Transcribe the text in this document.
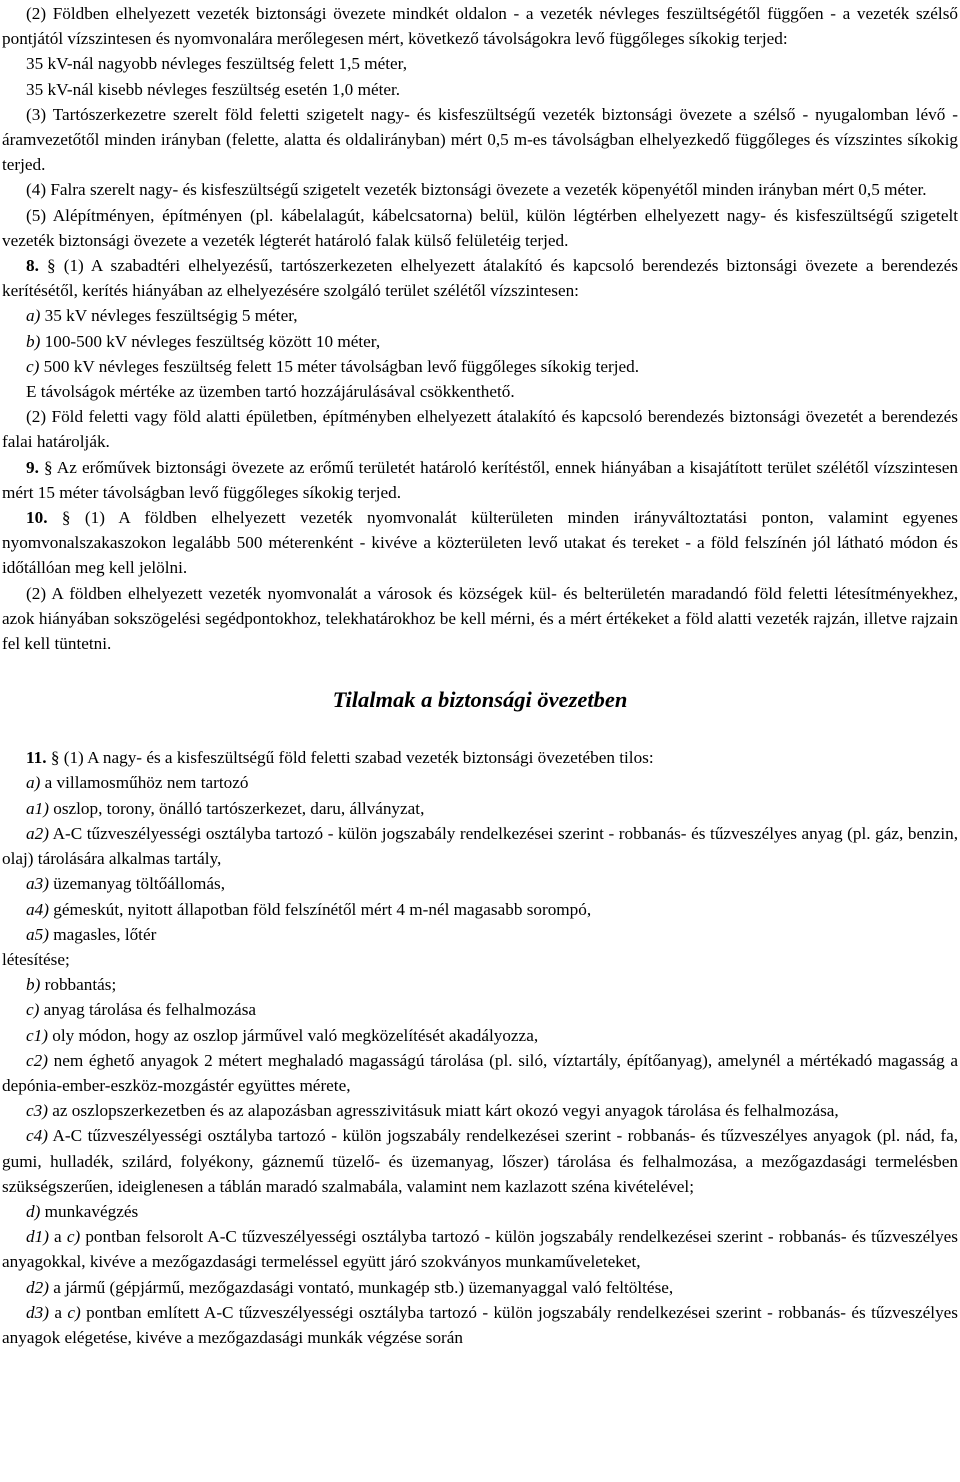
(2) Földben elhelyezett vezeték biztonsági övezete mindkét oldalon - a vezeték névleges feszültségétől függően - a vezeték szélső pontjától vízszintesen és nyomvonalára merőlegesen mért, következő távolságokra levő függőleges síkokig terjed:

35 kV-nál nagyobb névleges feszültség felett 1,5 méter,

35 kV-nál kisebb névleges feszültség esetén 1,0 méter.

(3) Tartószerkezetre szerelt föld feletti szigetelt nagy- és kisfeszültségű vezeték biztonsági övezete a szélső - nyugalomban lévő - áramvezetőtől minden irányban (felette, alatta és oldalirányban) mért 0,5 m-es távolságban elhelyezkedő függőleges és vízszintes síkokig terjed.

(4) Falra szerelt nagy- és kisfeszültségű szigetelt vezeték biztonsági övezete a vezeték köpenyétől minden irányban mért 0,5 méter.

(5) Alépítményen, építményen (pl. kábelalagút, kábelcsatorna) belül, külön légtérben elhelyezett nagy- és kisfeszültségű szigetelt vezeték biztonsági övezete a vezeték légterét határoló falak külső felületéig terjed.

8. § (1) A szabadtéri elhelyezésű, tartószerkezeten elhelyezett átalakító és kapcsoló berendezés biztonsági övezete a berendezés kerítésétől, kerítés hiányában az elhelyezésére szolgáló terület szélétől vízszintesen:

a) 35 kV névleges feszültségig 5 méter,

b) 100-500 kV névleges feszültség között 10 méter,

c) 500 kV névleges feszültség felett 15 méter távolságban levő függőleges síkokig terjed.

E távolságok mértéke az üzemben tartó hozzájárulásával csökkenthető.

(2) Föld feletti vagy föld alatti épületben, építményben elhelyezett átalakító és kapcsoló berendezés biztonsági övezetét a berendezés falai határolják.

9. § Az erőművek biztonsági övezete az erőmű területét határoló kerítéstől, ennek hiányában a kisajátított terület szélétől vízszintesen mért 15 méter távolságban levő függőleges síkokig terjed.

10. § (1) A földben elhelyezett vezeték nyomvonalát külterületen minden irányváltoztatási ponton, valamint egyenes nyomvonalszakaszokon legalább 500 méterenként - kivéve a közterületen levő utakat és tereket - a föld felszínén jól látható módon és időtállóan meg kell jelölni.

(2) A földben elhelyezett vezeték nyomvonalát a városok és községek kül- és belterületén maradandó föld feletti létesítményekhez, azok hiányában sokszögelési segédpontokhoz, telekhatárokhoz be kell mérni, és a mért értékeket a föld alatti vezeték rajzán, illetve rajzain fel kell tüntetni.

Tilalmak a biztonsági övezetben

11. § (1) A nagy- és a kisfeszültségű föld feletti szabad vezeték biztonsági övezetében tilos:

a) a villamosműhöz nem tartozó

a1) oszlop, torony, önálló tartószerkezet, daru, állványzat,

a2) A-C tűzveszélyességi osztályba tartozó - külön jogszabály rendelkezései szerint - robbanás- és tűzveszélyes anyag (pl. gáz, benzin, olaj) tárolására alkalmas tartály,

a3) üzemanyag töltőállomás,

a4) gémeskút, nyitott állapotban föld felszínétől mért 4 m-nél magasabb sorompó,

a5) magasles, lőtér

létesítése;

b) robbantás;

c) anyag tárolása és felhalmozása

c1) oly módon, hogy az oszlop járművel való megközelítését akadályozza,

c2) nem éghető anyagok 2 métert meghaladó magasságú tárolása (pl. siló, víztartály, építőanyag), amelynél a mértékadó magasság a depónia-ember-eszköz-mozgástér együttes mérete,

c3) az oszlopszerkezetben és az alapozásban agresszivitásuk miatt kárt okozó vegyi anyagok tárolása és felhalmozása,

c4) A-C tűzveszélyességi osztályba tartozó - külön jogszabály rendelkezései szerint - robbanás- és tűzveszélyes anyagok (pl. nád, fa, gumi, hulladék, szilárd, folyékony, gáznemű tüzelő- és üzemanyag, lőszer) tárolása és felhalmozása, a mezőgazdasági termelésben szükségszerűen, ideiglenesen a táblán maradó szalmabála, valamint nem kazlazott széna kivételével;

d) munkavégzés

d1) a c) pontban felsorolt A-C tűzveszélyességi osztályba tartozó - külön jogszabály rendelkezései szerint - robbanás- és tűzveszélyes anyagokkal, kivéve a mezőgazdasági termeléssel együtt járó szokványos munkaműveleteket,

d2) a jármű (gépjármű, mezőgazdasági vontató, munkagép stb.) üzemanyaggal való feltöltése,

d3) a c) pontban említett A-C tűzveszélyességi osztályba tartozó - külön jogszabály rendelkezései szerint - robbanás- és tűzveszélyes anyagok elégetése, kivéve a mezőgazdasági munkák végzése során
